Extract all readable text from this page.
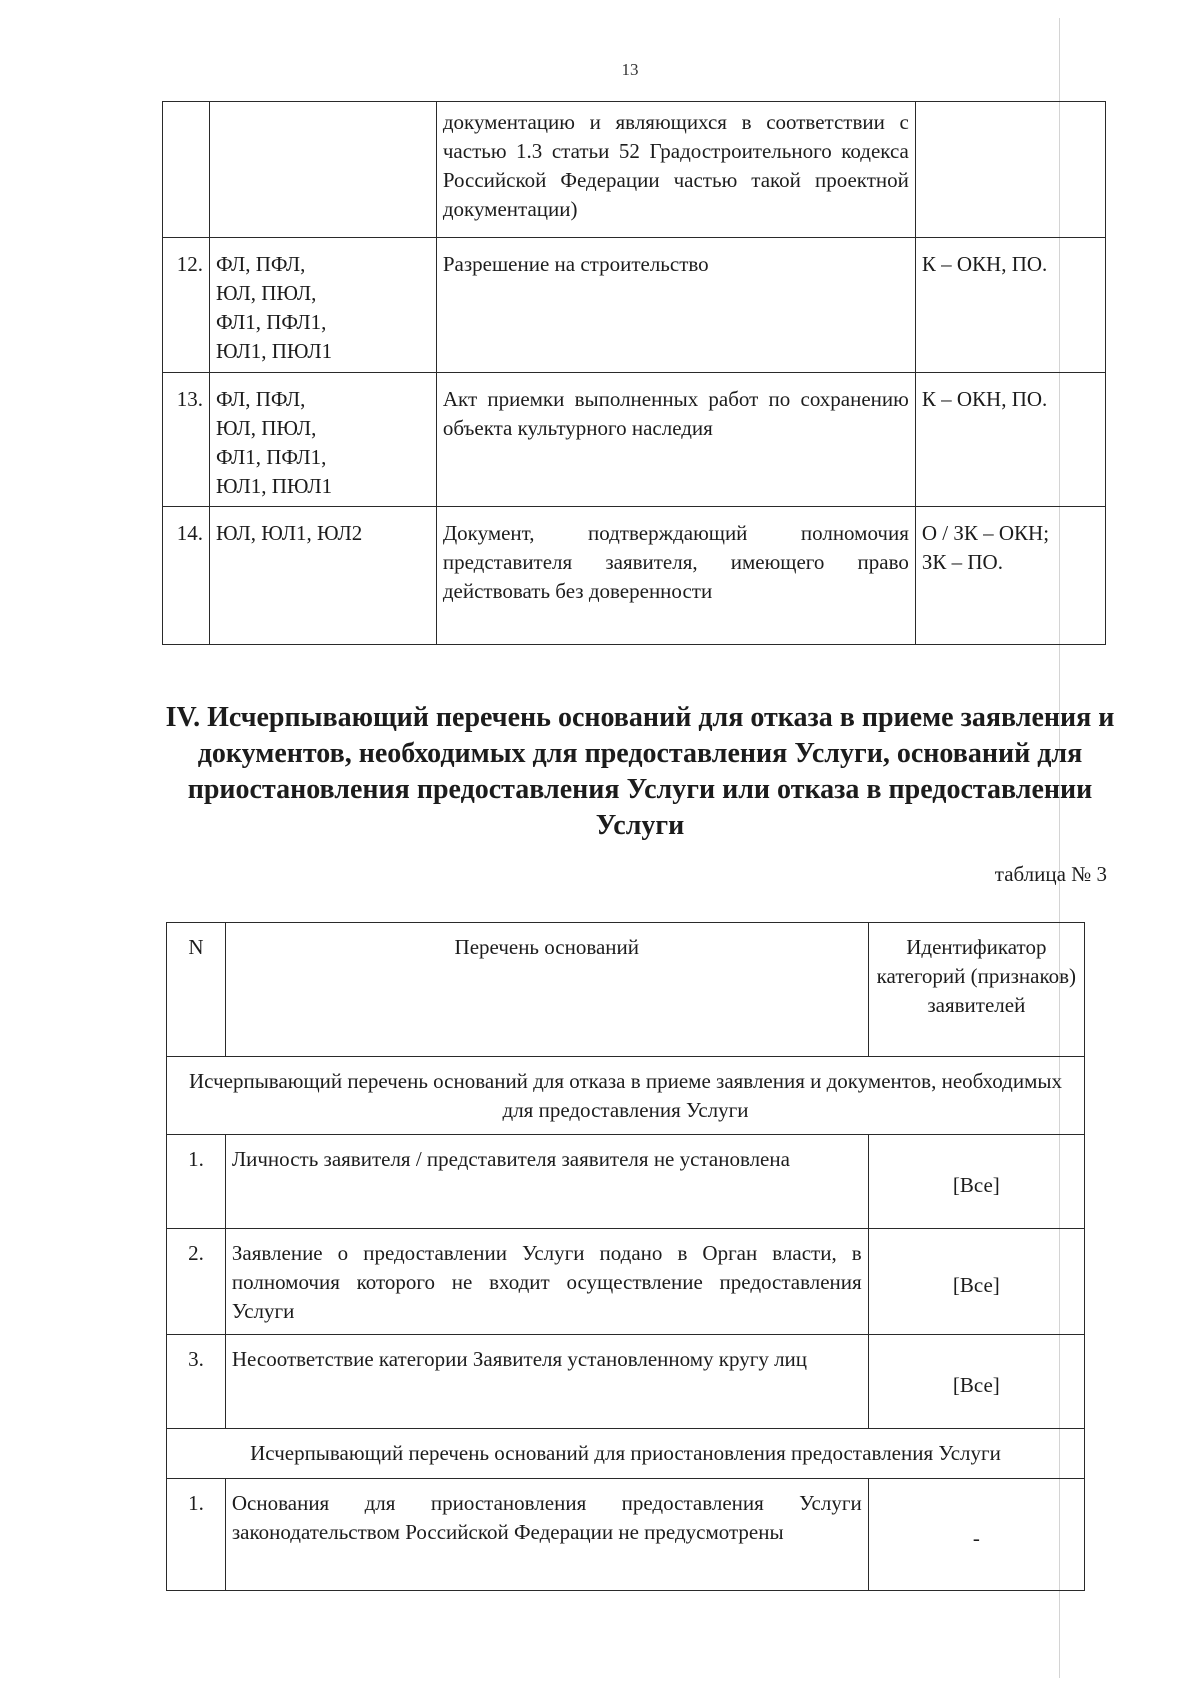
13
		документацию и являющихся в соответствии с частью 1.3 статьи 52 Градостроительного кодекса Российской Федерации частью такой проектной документации)	
12.	ФЛ, ПФЛ,
ЮЛ, ПЮЛ,
ФЛ1, ПФЛ1,
ЮЛ1, ПЮЛ1	Разрешение на строительство	К – ОКН, ПО.

13.	ФЛ, ПФЛ,
ЮЛ, ПЮЛ,
ФЛ1, ПФЛ1,
ЮЛ1, ПЮЛ1	Акт приемки выполненных работ по сохранению объекта культурного наследия	К – ОКН, ПО.

14.	ЮЛ, ЮЛ1, ЮЛ2	Документ, подтверждающий полномочия представителя заявителя, имеющего право действовать без доверенности	О / ЗК – ОКН;
ЗК – ПО.
IV. Исчерпывающий перечень оснований для отказа в приеме заявления и документов, необходимых для предоставления Услуги, оснований для приостановления предоставления Услуги или отказа в предоставлении Услуги
таблица № 3
N	Перечень оснований	Идентификатор категорий (признаков) заявителей
Исчерпывающий перечень оснований для отказа в приеме заявления и документов, необходимых для предоставления Услуги		
1.	Личность заявителя / представителя заявителя не установлена	[Все]
2.	Заявление о предоставлении Услуги подано в Орган власти, в полномочия которого не входит осуществление предоставления Услуги	[Все]
3.	Несоответствие категории Заявителя установленному кругу лиц	[Все]
Исчерпывающий перечень оснований для приостановления предоставления Услуги		
1.	Основания для приостановления предоставления Услуги законодательством Российской Федерации не предусмотрены	-
